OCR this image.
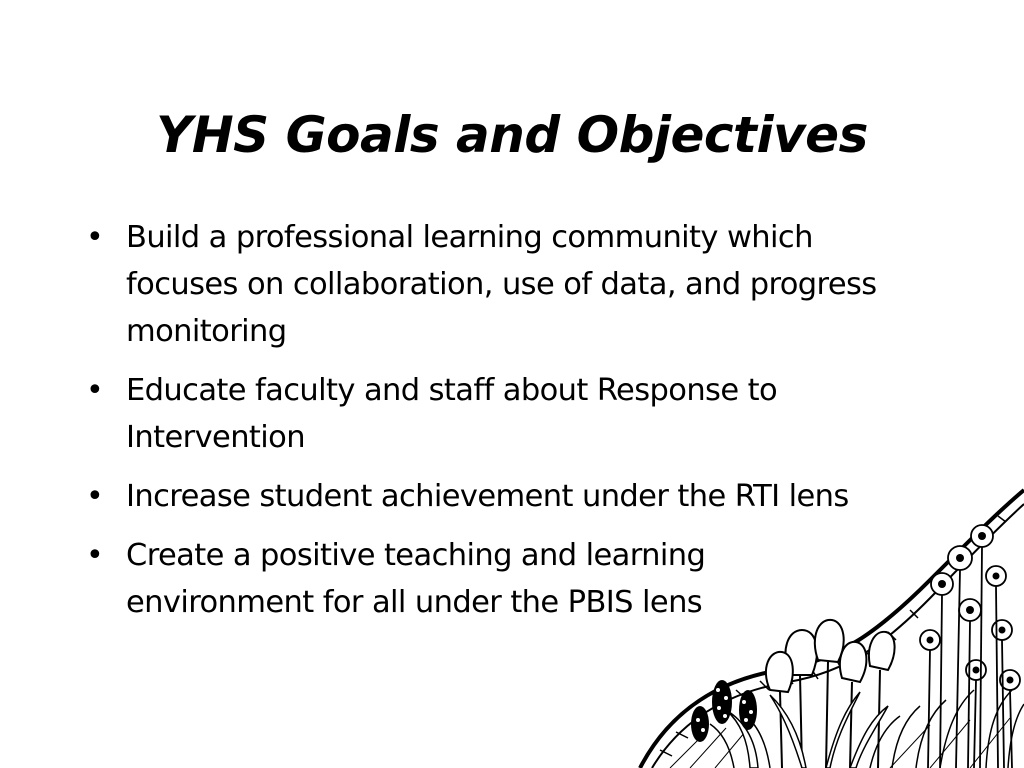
YHS Goals and Objectives
• Build a professional learning community which focuses on collaboration, use of data, and progress monitoring
• Educate faculty and staff about Response to Intervention
• Increase student achievement under the RTI lens
• Create a positive teaching and learning environment for all under the PBIS lens
